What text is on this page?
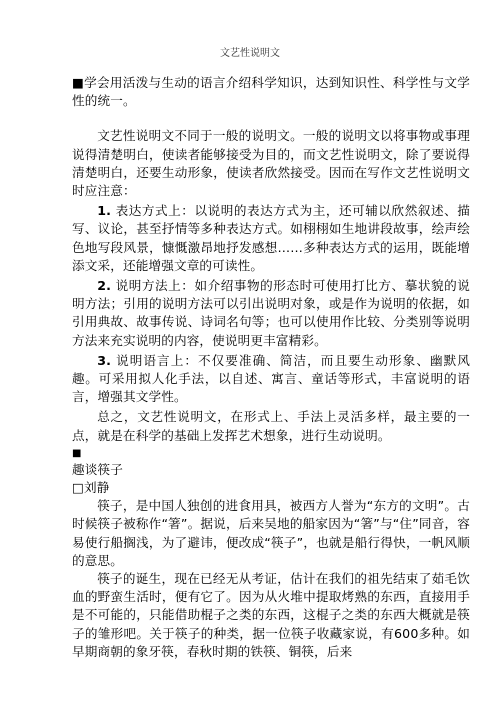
文艺性说明文

■学会用活泼与生动的语言介绍科学知识，达到知识性、科学性与文学性的统一。

文艺性说明文不同于一般的说明文。一般的说明文以将事物或事理说得清楚明白，使读者能够接受为目的，而文艺性说明文，除了要说得清楚明白，还要生动形象，使读者欣然接受。因而在写作文艺性说明文时应注意：

1. 表达方式上：以说明的表达方式为主，还可辅以欣然叙述、描写、议论，甚至抒情等多种表达方式。如栩栩如生地讲段故事，绘声绘色地写段风景，慷慨激昂地抒发感想……多种表达方式的运用，既能增添文采，还能增强文章的可读性。

2. 说明方法上：如介绍事物的形态时可使用打比方、摹状貌的说明方法；引用的说明方法可以引出说明对象，或是作为说明的依据，如引用典故、故事传说、诗词名句等；也可以使用作比较、分类别等说明方法来充实说明的内容，使说明更丰富精彩。

3. 说明语言上：不仅要准确、简洁，而且要生动形象、幽默风趣。可采用拟人化手法，以自述、寓言、童话等形式，丰富说明的语言，增强其文学性。

总之，文艺性说明文，在形式上、手法上灵活多样，最主要的一点，就是在科学的基础上发挥艺术想象，进行生动说明。

■

趣谈筷子

□刘静

筷子，是中国人独创的进食用具，被西方人誉为“东方的文明”。古时候筷子被称作“箸”。据说，后来吴地的船家因为“箸”与“住”同音，容易使行船搁浅，为了避讳，便改成“筷子”，也就是船行得快，一帆风顺的意思。

筷子的诞生，现在已经无从考证，估计在我们的祖先结束了茹毛饮血的野蛮生活时，便有它了。因为从火堆中提取烤熟的东西，直接用手是不可能的，只能借助棍子之类的东西，这棍子之类的东西大概就是筷子的雏形吧。关于筷子的种类，据一位筷子收藏家说，有600多种。如早期商朝的象牙筷，春秋时期的铁筷、铜筷，后来
